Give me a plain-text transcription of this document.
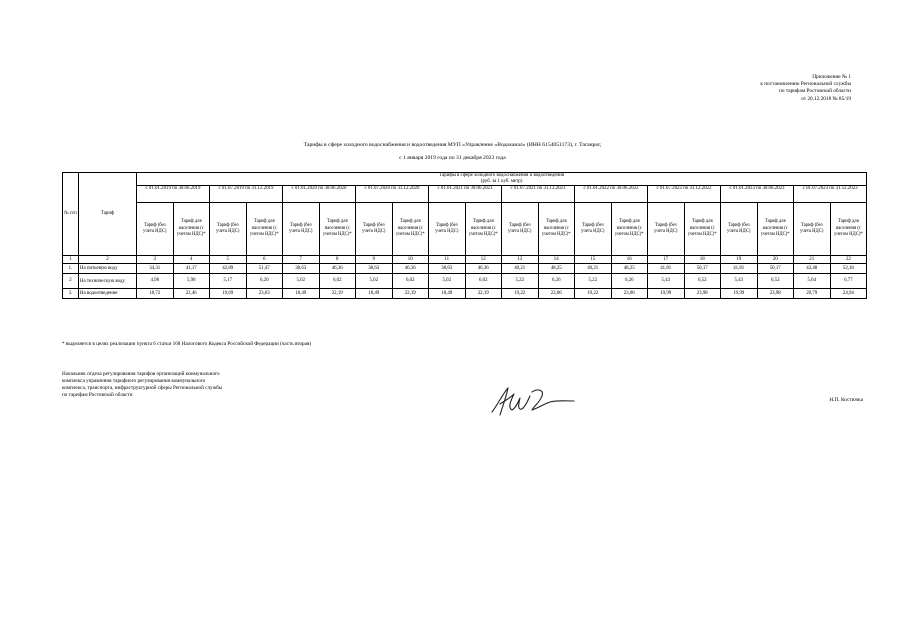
Приложение № 1
к постановлению Региональной службы
по тарифам Ростовской области
от 20.12.2018 № 85/19
Тарифы в сфере холодного водоснабжения и водоотведения МУП «Управление «Водоканал» (ИНН 6154051173), г. Таганрог,
с 1 января 2019 года по 31 декабря 2023 года
№ п/п	Тариф	Тарифы в сфере холодного водоснабжения и водоотведения
(руб. за 1 куб. метр)																			

		с 01.01.2019 по 30.06.2019		с 01.07.2019 по 31.12.2019		с 01.01.2020 по 30.06.2020		с 01.07.2020 по 31.12.2020		с 01.01.2021 по 30.06.2021		с 01.07.2021 по 31.12.2021		с 01.01.2022 по 30.06.2022		с 01.07.2022 по 31.12.2022		с 01.01.2023 по 30.06.2023		с 01.07.2023 по 31.12.2023	
		Тариф (без учета НДС)	Тариф для населения (с учетом НДС)*	Тариф (без учета НДС)	Тариф для населения (с учетом НДС)*	Тариф (без учета НДС)	Тариф для населения (с учетом НДС)*	Тариф (без учета НДС)	Тариф для населения (с учетом НДС)*	Тариф (без учета НДС)	Тариф для населения (с учетом НДС)*	Тариф (без учета НДС)	Тариф для населения (с учетом НДС)*	Тариф (без учета НДС)	Тариф для населения (с учетом НДС)*	Тариф (без учета НДС)	Тариф для населения (с учетом НДС)*	Тариф (без учета НДС)	Тариф для населения (с учетом НДС)*	Тариф (без учета НДС)	Тариф для населения (с учетом НДС)*
1	2	3	4	5	6	7	8	9	10	11	12	13	14	15	16	17	18	19	20	21	22
1.	На питьевую воду	34,31	41,17	42,89	51,47	38,63	46,36	38,63	46,36	38,63	46,36	40,21	48,25	40,21	48,25	41,81	50,17	41,81	50,17	43,48	52,18
2	На техническую воду	4,98	5,98	5,17	6,20	5,02	6,02	5,02	6,02	5,02	6,02	5,22	6,26	5,22	6,26	5,43	6,52	5,43	6,52	5,64	6,77
3.	На водоотведение	18,72	22,46	19,69	23,63	18,49	22,19	18,49	22,19	18,49	22,19	19,22	23,06	19,22	23,06	19,99	23,98	19,99	23,98	20,79	24,94
* выделяется в целях реализации пункта 6 статьи 168 Налогового Кодекса Российской Федерации (часть вторая)
Начальник отдела регулирования тарифов организаций коммунального
комплекса управления тарифного регулирования коммунального
комплекса, транспорта, инфраструктурной сферы Региональной службы
по тарифам Ростовской области
Н.П. Костючка
